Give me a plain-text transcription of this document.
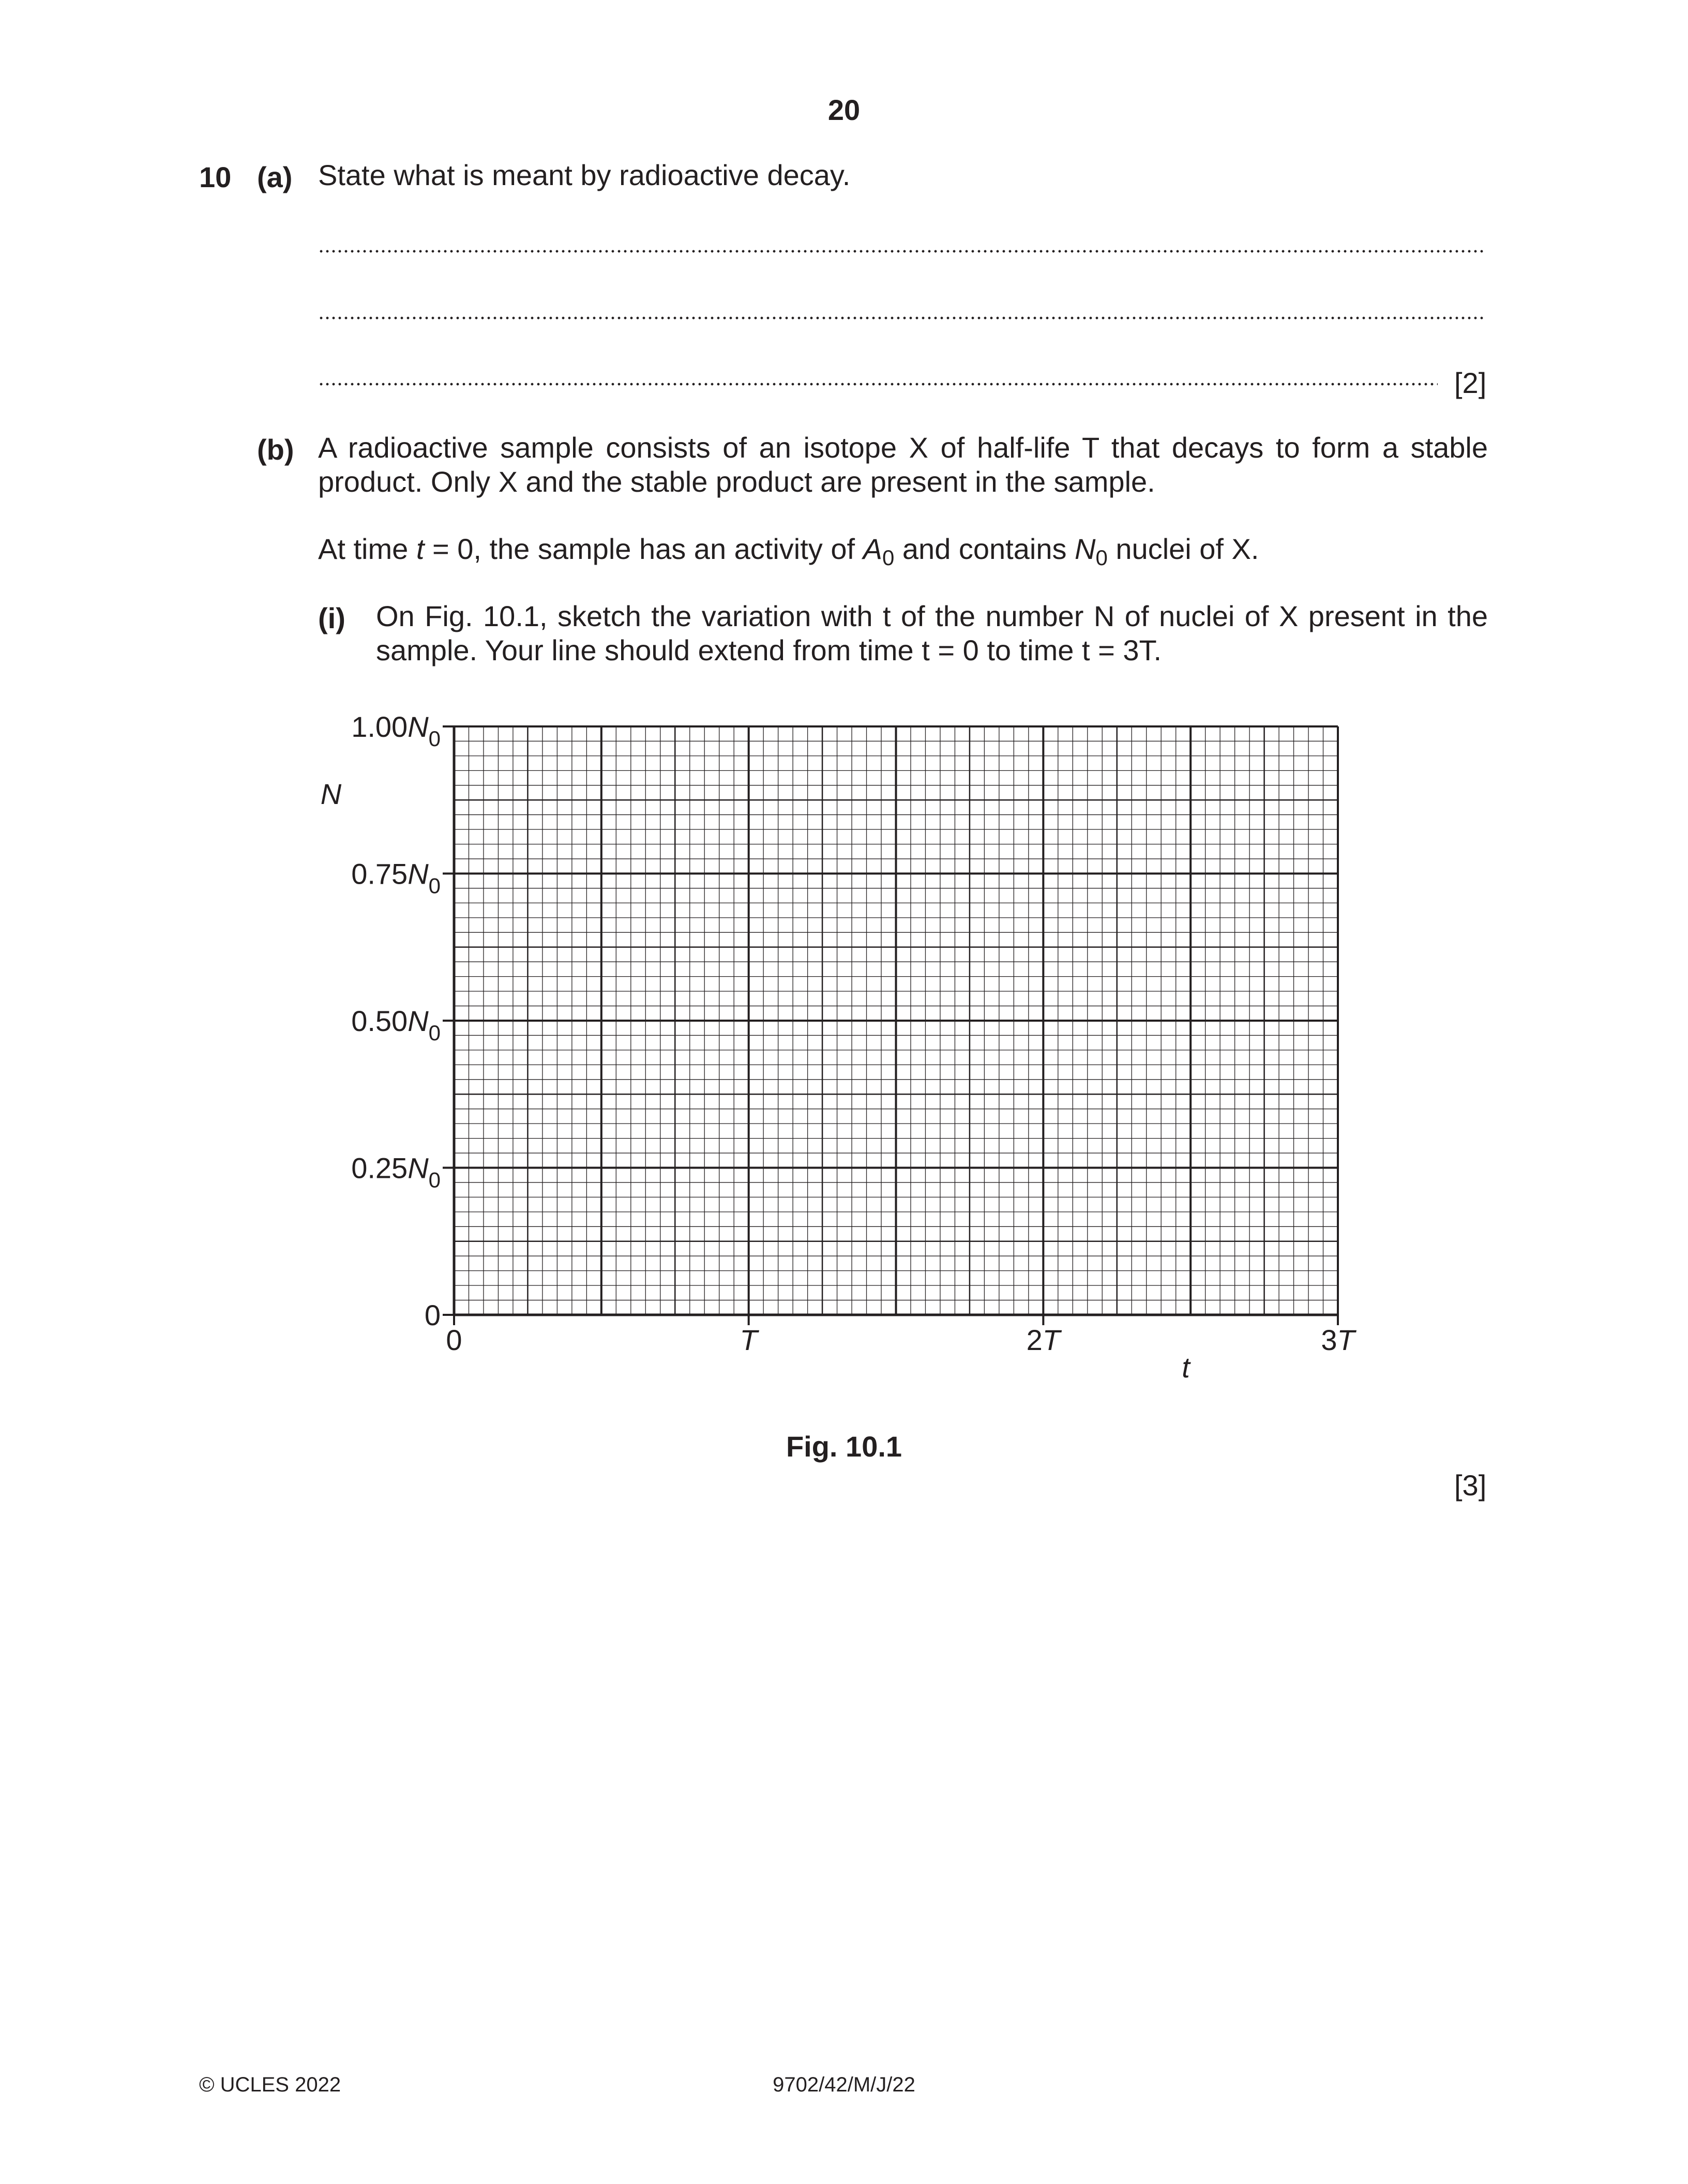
20
10 (a) State what is meant by radioactive decay.
[2]
(b) A radioactive sample consists of an isotope X of half-life T that decays to form a stable product. Only X and the stable product are present in the sample.
At time t = 0, the sample has an activity of $A_0$ and contains $N_0$ nuclei of X.
(i) On Fig. 10.1, sketch the variation with t of the number N of nuclei of X present in the sample. Your line should extend from time t = 0 to time t = 3T.
0
$0.25N_0$
$0.50N_0$
$0.75N_0$
$1.00N_0$
0	T	2T	3T
N
t
Fig. 10.1
[3]
© UCLES 2022	9702/42/M/J/22
